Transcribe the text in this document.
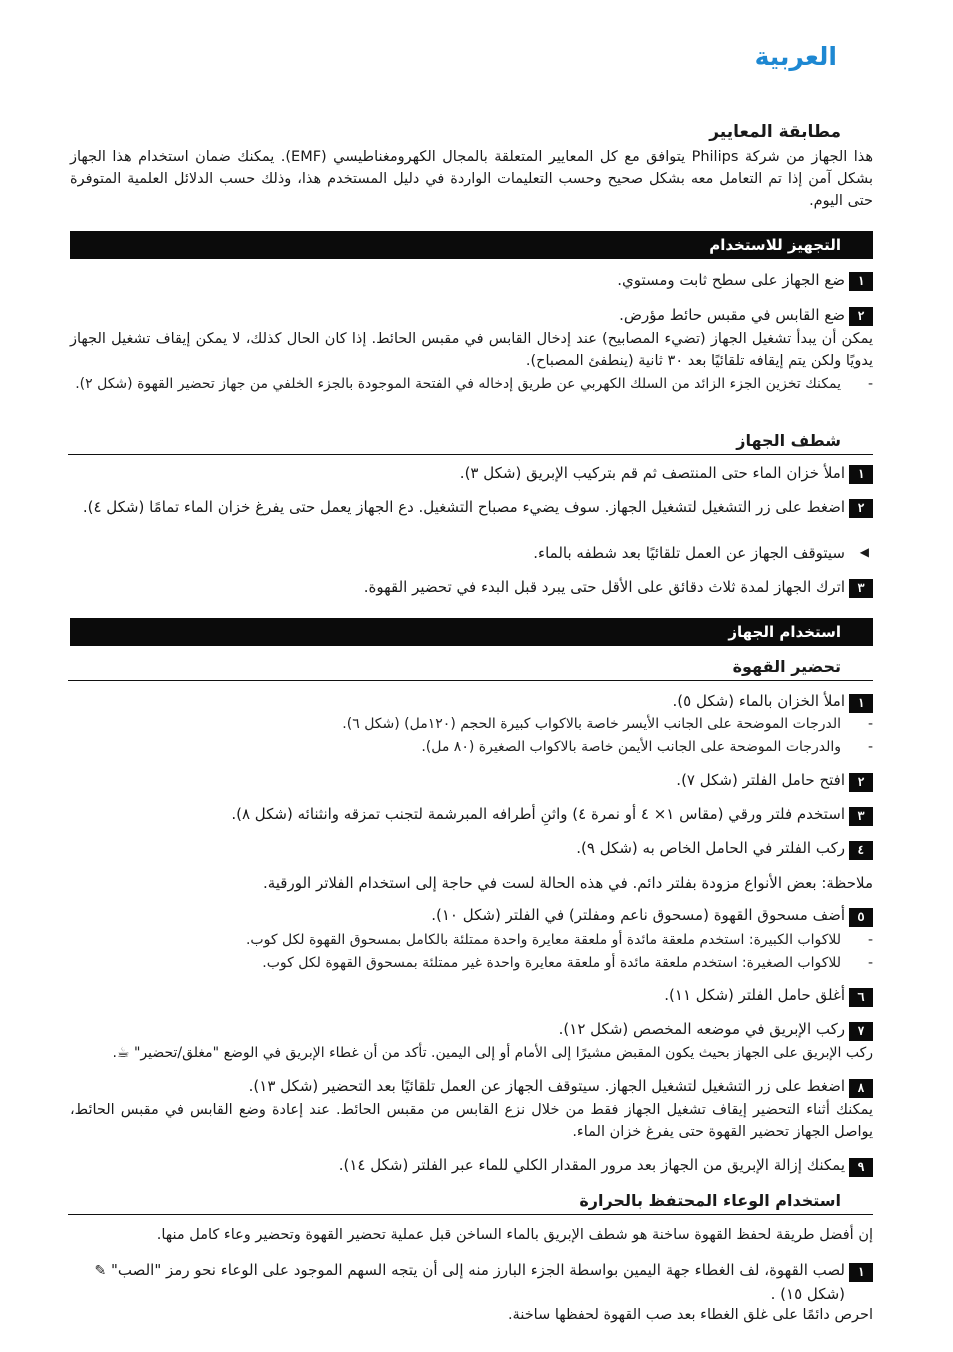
العربية
مطابقة المعايير
هذا الجهاز من شركة Philips يتوافق مع كل المعايير المتعلقة بالمجال الكهرومغناطيسي (EMF). يمكنك ضمان استخدام هذا الجهاز بشكل آمن إذا تم التعامل معه بشكل صحيح وحسب التعليمات الواردة في دليل المستخدم هذا، وذلك حسب الدلائل العلمية المتوفرة حتى اليوم.
التجهيز للاستخدام
١
ضع الجهاز على سطح ثابت ومستوي.
٢
ضع القابس في مقبس حائط مؤرض.
يمكن أن يبدأ تشغيل الجهاز (تضيء المصابيح) عند إدخال القابس في مقبس الحائط. إذا كان الحال كذلك، لا يمكن إيقاف تشغيل الجهاز يدويًا ولكن يتم إيقافه تلقائيًا بعد ٣٠ ثانية (ينطفئ المصباح).
- يمكنك تخزين الجزء الزائد من السلك الكهربي عن طريق إدخاله في الفتحة الموجودة بالجزء الخلفي من جهاز تحضير القهوة (شكل ٢).
شطف الجهاز
١
املأ خزان الماء حتى المنتصف ثم قم بتركيب الإبريق (شكل ٣).
٢
اضغط على زر التشغيل لتشغيل الجهاز. سوف يضيء مصباح التشغيل. دع الجهاز يعمل حتى يفرغ خزان الماء تمامًا (شكل ٤).
◀
سيتوقف الجهاز عن العمل تلقائيًا بعد شطفه بالماء.
٣
اترك الجهاز لمدة ثلاث دقائق على الأقل حتى يبرد قبل البدء في تحضير القهوة.
استخدام الجهاز
تحضير القهوة
١
املأ الخزان بالماء (شكل ٥).
- الدرجات الموضحة على الجانب الأيسر خاصة بالاكواب كبيرة الحجم (١٢٠مل) (شكل ٦).
- والدرجات الموضحة على الجانب الأيمن خاصة بالاكواب الصغيرة (٨٠ مل).
٢
افتح حامل الفلتر (شكل ٧).
٣
استخدم فلتر ورقي (مقاس ١× ٤ أو نمرة ٤) واثنِ أطرافه المبرشمة لتجنب تمزقه وانثنائه (شكل ٨).
٤
ركب الفلتر في الحامل الخاص به (شكل ٩).
ملاحظة: بعض الأنواع مزودة بفلتر دائم. في هذه الحالة لست في حاجة إلى استخدام الفلاتر الورقية.
٥
أضف مسحوق القهوة (مسحوق ناعم ومفلتر) في الفلتر (شكل ١٠).
- للاكواب الكبيرة: استخدم ملعقة مائدة أو ملعقة معايرة واحدة ممتلئة بالكامل بمسحوق القهوة لكل كوب.
- للاكواب الصغيرة: استخدم ملعقة مائدة أو ملعقة معايرة واحدة غير ممتلئة بمسحوق القهوة لكل كوب.
٦
أغلق حامل الفلتر (شكل ١١).
٧
ركب الإبريق في موضعه المخصص (شكل ١٢).
ركب الإبريق على الجهاز بحيث يكون المقبض مشيرًا إلى الأمام أو إلى اليمين. تأكد من أن غطاء الإبريق في الوضع "مغلق/تحضير" ☕.
٨
اضغط على زر التشغيل لتشغيل الجهاز. سيتوقف الجهاز عن العمل تلقائيًا بعد التحضير (شكل ١٣).
يمكنك أثناء التحضير إيقاف تشغيل الجهاز فقط من خلال نزع القابس من مقبس الحائط. عند إعادة وضع القابس في مقبس الحائط، يواصل الجهاز تحضير القهوة حتى يفرغ خزان الماء.
٩
يمكنك إزالة الإبريق من الجهاز بعد مرور المقدار الكلي للماء عبر الفلتر (شكل ١٤).
استخدام الوعاء المحتفظ بالحرارة
إن أفضل طريقة لحفظ القهوة ساخنة هو شطف الإبريق بالماء الساخن قبل عملية تحضير القهوة وتحضير وعاء كامل منها.
١
لصب القهوة، لف الغطاء جهة اليمين بواسطة الجزء البارز منه إلى أن يتجه السهم الموجود على الوعاء نحو رمز "الصب" ✎ (شكل ١٥) .
احرص دائمًا على غلق الغطاء بعد صب القهوة لحفظها ساخنة.
